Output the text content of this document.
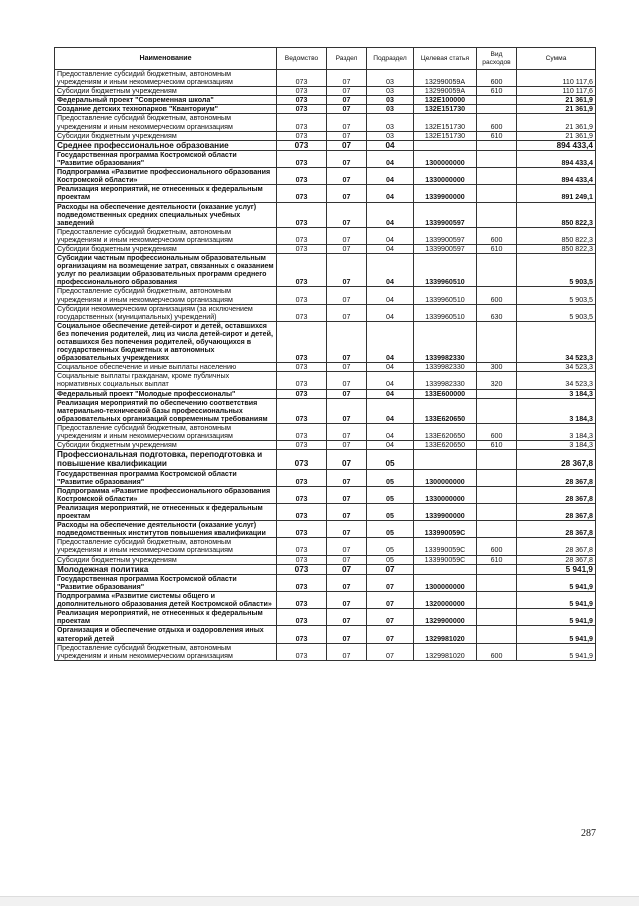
Наименование	Ведомство	Раздел	Подраздел	Целевая статья	Вид расходов	Сумма
Предоставление субсидий бюджетным, автономным учреждениям и иным некоммерческим организациям	073	07	03	132990059А	600	110 117,6
Субсидии бюджетным учреждениям	073	07	03	132990059А	610	110 117,6
Федеральный проект "Современная школа"	073	07	03	132E100000		21 361,9
Создание детских технопарков "Кванториум"	073	07	03	132E151730		21 361,9
Предоставление субсидий бюджетным, автономным учреждениям и иным некоммерческим организациям	073	07	03	132E151730	600	21 361,9
Субсидии бюджетным учреждениям	073	07	03	132E151730	610	21 361,9
Среднее профессиональное образование	073	07	04			894 433,4
Государственная программа Костромской области "Развитие образования"	073	07	04	1300000000		894 433,4
Подпрограмма «Развитие профессионального образования Костромской области»	073	07	04	1330000000		894 433,4
Реализация мероприятий, не отнесенных к федеральным проектам	073	07	04	1339900000		891 249,1
Расходы на обеспечение деятельности (оказание услуг) подведомственных средних специальных учебных заведений	073	07	04	1339900597		850 822,3
Предоставление субсидий бюджетным, автономным учреждениям и иным некоммерческим организациям	073	07	04	1339900597	600	850 822,3
Субсидии бюджетным учреждениям	073	07	04	1339900597	610	850 822,3
Субсидии частным профессиональным образовательным организациям на возмещение затрат, связанных с оказанием услуг по реализации образовательных программ среднего профессионального образования	073	07	04	1339960510		5 903,5
Предоставление субсидий бюджетным, автономным учреждениям и иным некоммерческим организациям	073	07	04	1339960510	600	5 903,5
Субсидии некоммерческим организациям (за исключением государственных (муниципальных) учреждений)	073	07	04	1339960510	630	5 903,5
Социальное обеспечение детей-сирот и детей, оставшихся без попечения родителей, лиц из числа детей-сирот и детей, оставшихся без попечения родителей, обучающихся в государственных бюджетных и автономных образовательных учреждениях	073	07	04	1339982330		34 523,3
Социальное обеспечение и иные выплаты населению	073	07	04	1339982330	300	34 523,3
Социальные выплаты гражданам, кроме публичных нормативных социальных выплат	073	07	04	1339982330	320	34 523,3
Федеральный проект "Молодые профессионалы"	073	07	04	133E600000		3 184,3
Реализация мероприятий по обеспечению соответствия материально-технической базы профессиональных образовательных организаций современным требованиям	073	07	04	133E620650		3 184,3
Предоставление субсидий бюджетным, автономным учреждениям и иным некоммерческим организациям	073	07	04	133E620650	600	3 184,3
Субсидии бюджетным учреждениям	073	07	04	133E620650	610	3 184,3
Профессиональная подготовка, переподготовка и повышение квалификации	073	07	05			28 367,8
Государственная программа Костромской области "Развитие образования"	073	07	05	1300000000		28 367,8
Подпрограмма «Развитие профессионального образования Костромской области»	073	07	05	1330000000		28 367,8
Реализация мероприятий, не отнесенных к федеральным проектам	073	07	05	1339900000		28 367,8
Расходы на обеспечение деятельности (оказание услуг) подведомственных институтов повышения квалификации	073	07	05	133990059С		28 367,8
Предоставление субсидий бюджетным, автономным учреждениям и иным некоммерческим организациям	073	07	05	133990059С	600	28 367,8
Субсидии бюджетным учреждениям	073	07	05	133990059С	610	28 367,8
Молодежная политика	073	07	07			5 941,9
Государственная программа Костромской области "Развитие образования"	073	07	07	1300000000		5 941,9
Подпрограмма «Развитие системы общего и дополнительного образования детей Костромской области»	073	07	07	1320000000		5 941,9
Реализация мероприятий, не отнесенных к федеральным проектам	073	07	07	1329900000		5 941,9
Организация и обеспечение отдыха и оздоровления иных категорий детей	073	07	07	1329981020		5 941,9
Предоставление субсидий бюджетным, автономным учреждениям и иным некоммерческим организациям	073	07	07	1329981020	600	5 941,9
287
